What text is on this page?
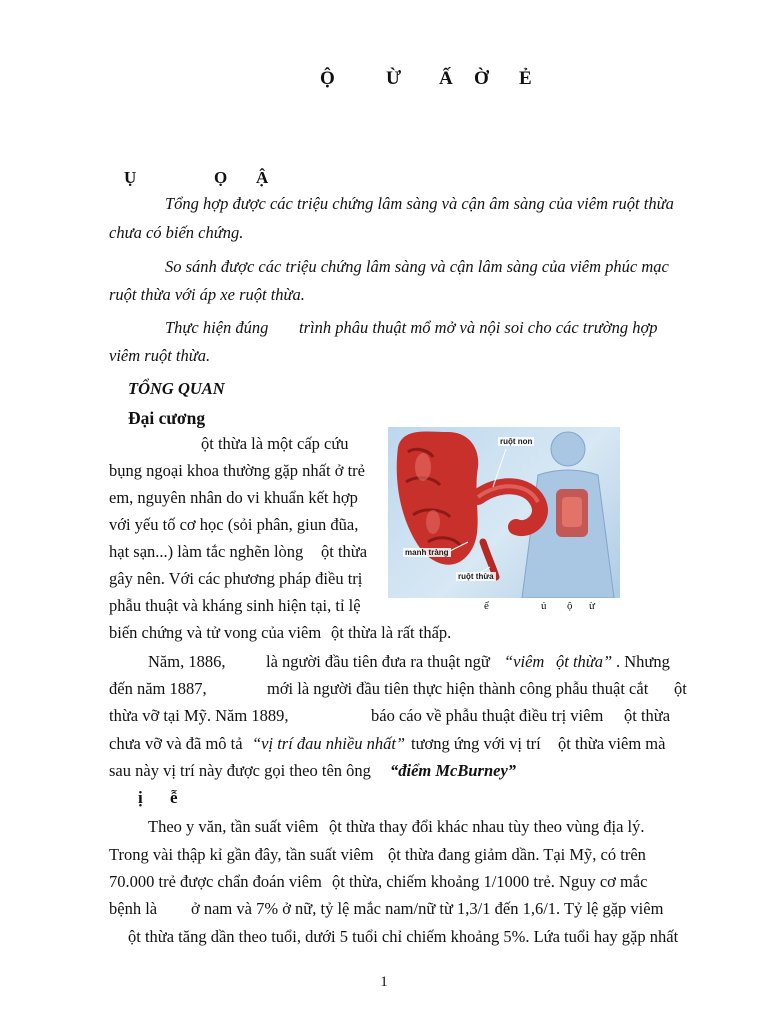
Ộ	Ừ Ấ Ờ Ẻ
Ụ	Ọ Ậ
Tổng hợp được các triệu chứng lâm sàng và cận âm sàng của viêm ruột thừa
chưa có biến chứng.
So sánh được các triệu chứng lâm sàng và cận lâm sàng của viêm phúc mạc
ruột thừa với áp xe ruột thừa.
Thực hiện đúng trình phâu thuật mổ mở và nội soi cho các trường hợp
viêm ruột thừa.
TỔNG QUAN
Đại cương
ột thừa là một cấp cứu
bụng ngoại khoa thường gặp nhất ở trẻ
em, nguyên nhân do vi khuẩn kết hợp
với yếu tố cơ học (sỏi phân, giun đũa,
hạt sạn...) làm tắc nghẽn lòng ột thừa
gây nên. Với các phương pháp điều trị
phẫu thuật và kháng sinh hiện tại, tỉ lệ
biến chứng và tử vong của viêm ột thừa là rất thấp.
ruột non
manh tràng
ruột thừa
ể	ủ ộ ừ
Năm, 1886, là người đầu tiên đưa ra thuật ngữ “viêm ột thừa” . Nhưng
đến năm 1887,	mới là người đầu tiên thực hiện thành công phẫu thuật cắt ột
thừa vỡ tại Mỹ. Năm 1889,	báo cáo về phẫu thuật điều trị viêm ột thừa
chưa vỡ và đã mô tả “vị trí đau nhiều nhất” tương ứng với vị trí ột thừa viêm mà
sau này vị trí này được gọi theo tên ông “điểm McBurney”
ị ễ
Theo y văn, tần suất viêm ột thừa thay đổi khác nhau tùy theo vùng địa lý.
Trong vài thập kỉ gần đây, tần suất viêm ột thừa đang giảm dần. Tại Mỹ, có trên
70.000 trẻ được chẩn đoán viêm ột thừa, chiếm khoảng 1/1000 trẻ. Nguy cơ mắc
bệnh là ở nam và 7% ở nữ, tỷ lệ mắc nam/nữ từ 1,3/1 đến 1,6/1. Tỷ lệ gặp viêm
ột thừa tăng dần theo tuổi, dưới 5 tuổi chỉ chiếm khoảng 5%. Lứa tuổi hay gặp nhất
1
